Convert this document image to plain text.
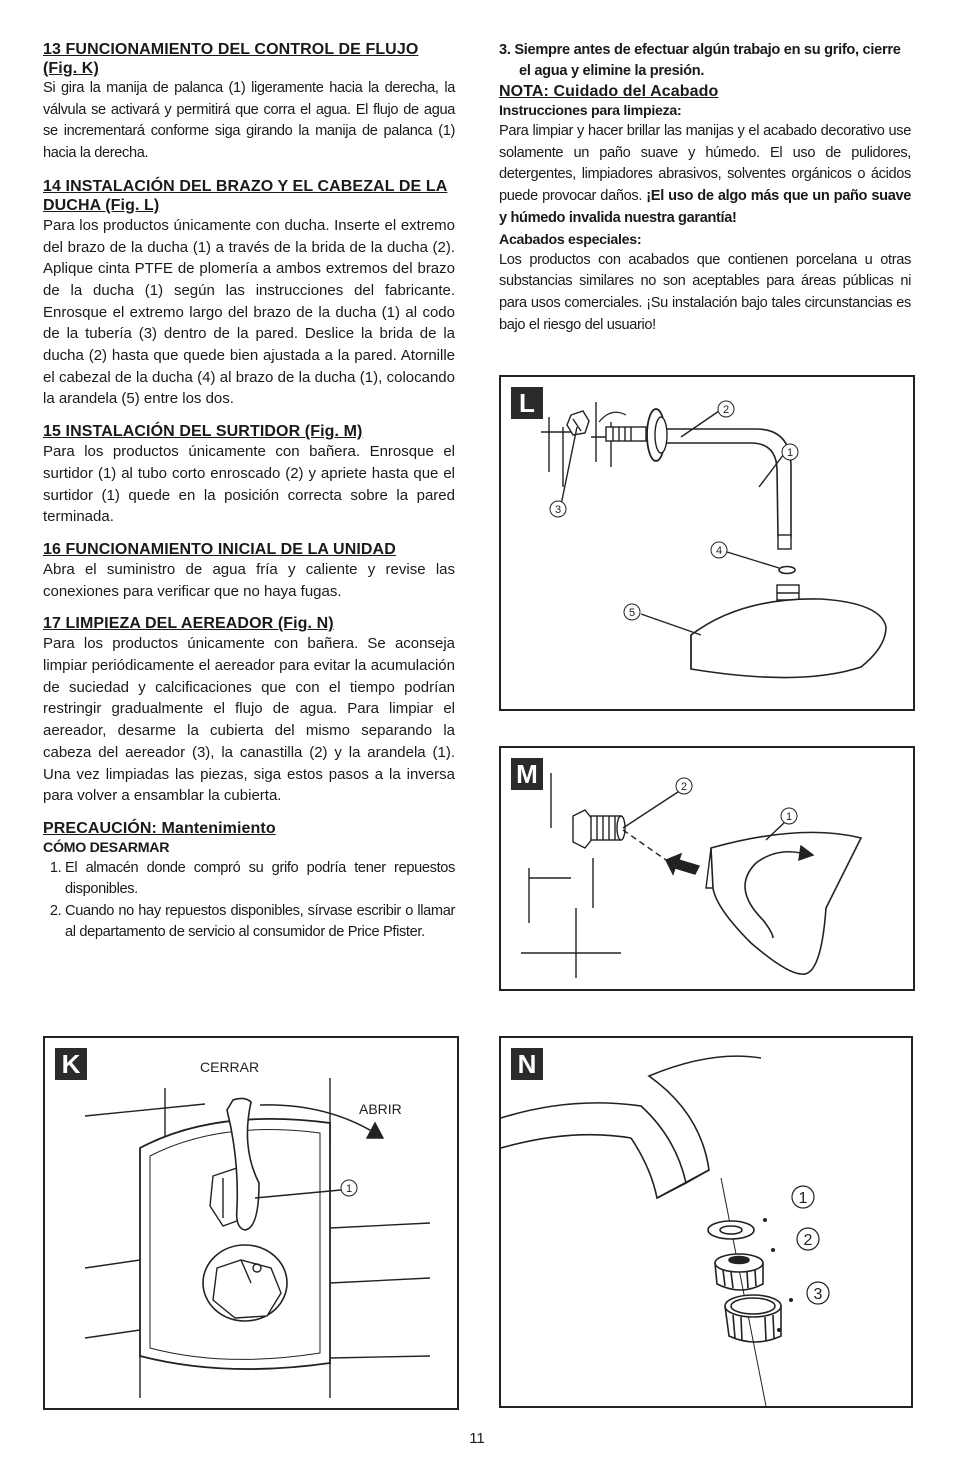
13 FUNCIONAMIENTO DEL CONTROL DE FLUJO (Fig. K)

Si gira la manija de palanca (1) ligeramente hacia la derecha, la válvula se activará y permitirá que corra el agua. El flujo de agua se incrementará conforme siga girando la manija de palanca (1) hacia la derecha.

14 INSTALACIÓN DEL BRAZO Y EL CABEZAL DE LA DUCHA (Fig. L)

Para los productos únicamente con ducha. Inserte el extremo del brazo de la ducha (1) a través de la brida de la ducha (2). Aplique cinta PTFE de plomería a ambos extremos del brazo de la ducha (1) según las instrucciones del fabricante. Enrosque el extremo largo del brazo de la ducha (1) al codo de la tubería (3) dentro de la pared. Deslice la brida de la ducha (2) hasta que quede bien ajustada a la pared. Atornille el cabezal de la ducha (4) al brazo de la ducha (1), colocando la arandela (5) entre los dos.

15 INSTALACIÓN DEL SURTIDOR (Fig. M)

Para los productos únicamente con bañera. Enrosque el surtidor (1) al tubo corto enroscado (2) y apriete hasta que el surtidor (1) quede en la posición correcta sobre la pared terminada.

16 FUNCIONAMIENTO INICIAL DE LA UNIDAD

Abra el suministro de agua fría y caliente y revise las conexiones para verificar que no haya fugas.

17 LIMPIEZA DEL AEREADOR (Fig. N)

Para los productos únicamente con bañera. Se aconseja limpiar periódicamente el aereador para evitar la acumulación de suciedad y calcificaciones que con el tiempo podrían restringir gradualmente el flujo de agua. Para limpiar el aereador, desarme la cubierta del mismo separando la cabeza del aereador (3), la canastilla (2) y la arandela (1). Una vez limpiadas las piezas, siga estos pasos a la inversa para volver a ensamblar la cubierta.

PRECAUCIÓN: Mantenimiento
CÓMO DESARMAR
1. El almacén donde compró su grifo podría tener repuestos disponibles.
2. Cuando no hay repuestos disponibles, sírvase escribir o llamar al departamento de servicio al consumidor de Price Pfister.
3. Siempre antes de efectuar algún trabajo en su grifo, cierre el agua y elimine la presión.
NOTA: Cuidado del Acabado
Instrucciones para limpieza:

Para limpiar y hacer brillar las manijas y el acabado decorativo use solamente un paño suave y húmedo. El uso de pulidores, detergentes, limpiadores abrasivos, solventes orgánicos o ácidos puede provocar daños. ¡El uso de algo más que un paño suave y húmedo invalida nuestra garantía!

Acabados especiales:

Los productos con acabados que contienen porcelana u otras substancias similares no son aceptables para áreas públicas ni para usos comerciales. ¡Su instalación bajo tales circunstancias es bajo el riesgo del usuario!

L	2
1
3
4
5
M	2
1
K	CERRAR
ABRIR
1
N
1
2
3
11
